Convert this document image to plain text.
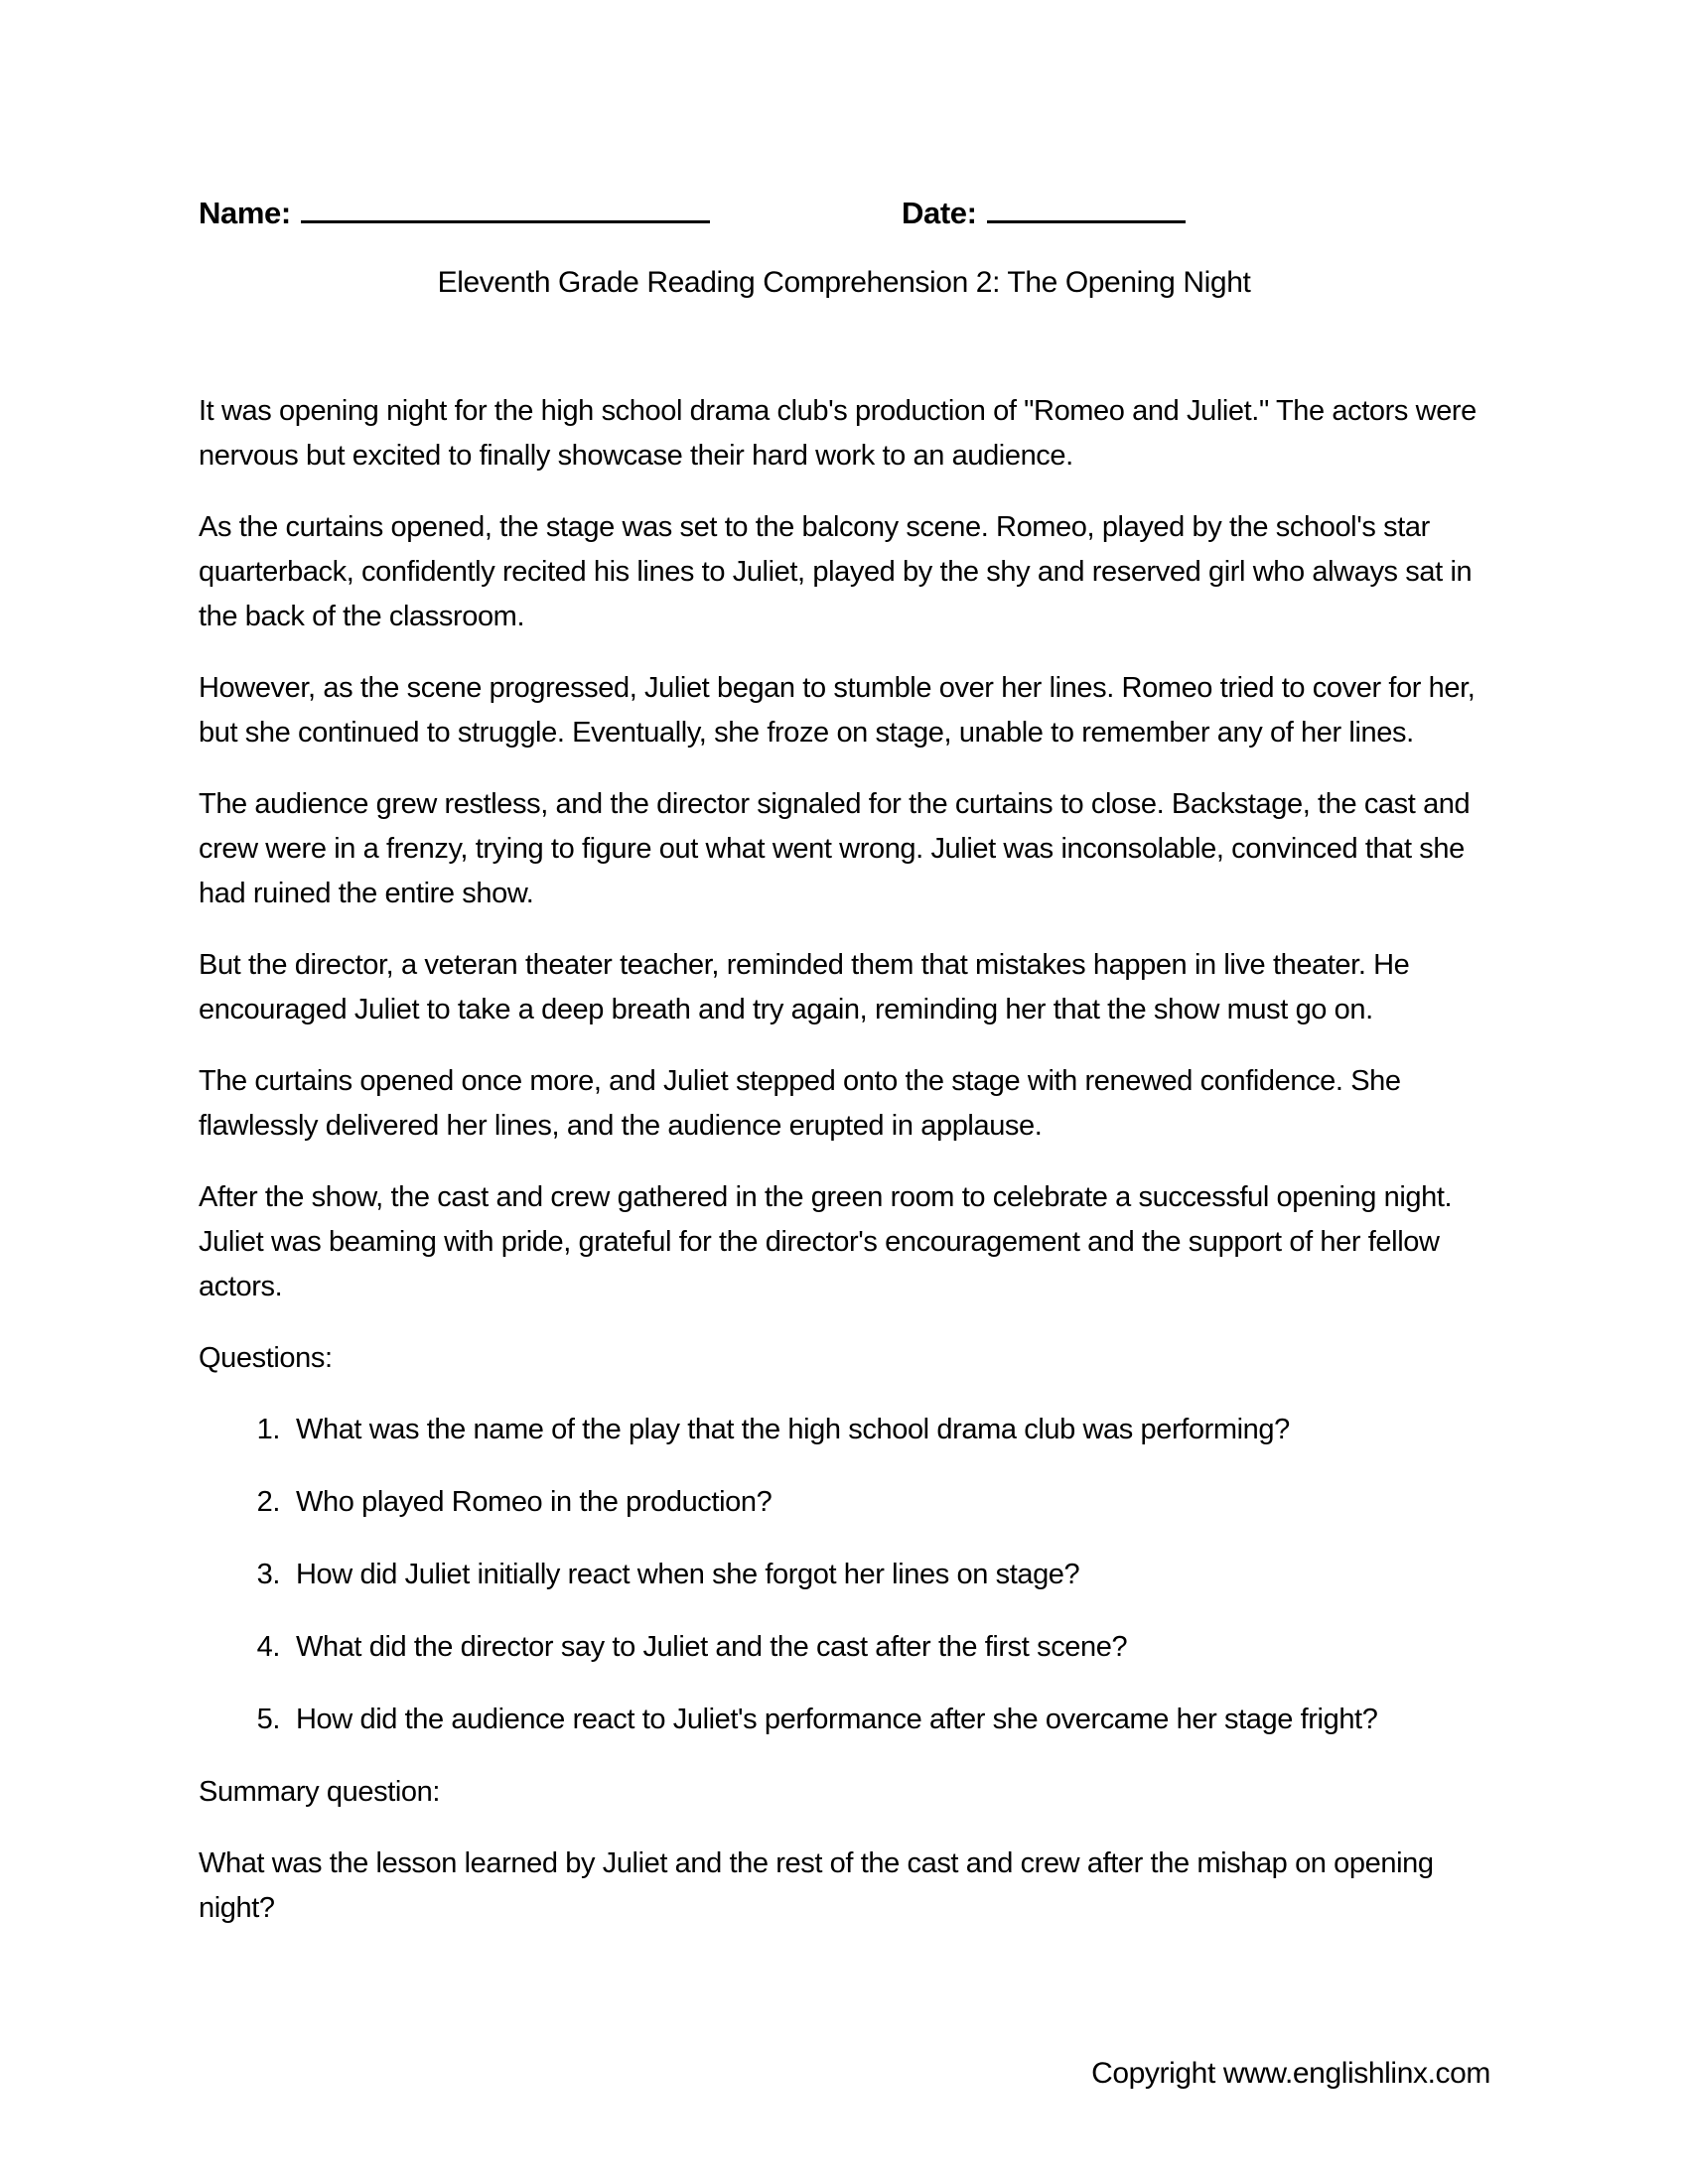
Name:	Date:
Eleventh Grade Reading Comprehension 2: The Opening Night

It was opening night for the high school drama club's production of "Romeo and Juliet." The actors were nervous but excited to finally showcase their hard work to an audience.

As the curtains opened, the stage was set to the balcony scene. Romeo, played by the school's star quarterback, confidently recited his lines to Juliet, played by the shy and reserved girl who always sat in the back of the classroom.

However, as the scene progressed, Juliet began to stumble over her lines. Romeo tried to cover for her, but she continued to struggle. Eventually, she froze on stage, unable to remember any of her lines.

The audience grew restless, and the director signaled for the curtains to close. Backstage, the cast and crew were in a frenzy, trying to figure out what went wrong. Juliet was inconsolable, convinced that she had ruined the entire show.

But the director, a veteran theater teacher, reminded them that mistakes happen in live theater. He encouraged Juliet to take a deep breath and try again, reminding her that the show must go on.

The curtains opened once more, and Juliet stepped onto the stage with renewed confidence. She flawlessly delivered her lines, and the audience erupted in applause.

After the show, the cast and crew gathered in the green room to celebrate a successful opening night. Juliet was beaming with pride, grateful for the director's encouragement and the support of her fellow actors.

Questions:
1. What was the name of the play that the high school drama club was performing?
2. Who played Romeo in the production?
3. How did Juliet initially react when she forgot her lines on stage?
4. What did the director say to Juliet and the cast after the first scene?
5. How did the audience react to Juliet's performance after she overcame her stage fright?
Summary question:

What was the lesson learned by Juliet and the rest of the cast and crew after the mishap on opening night?

Copyright www.englishlinx.com
